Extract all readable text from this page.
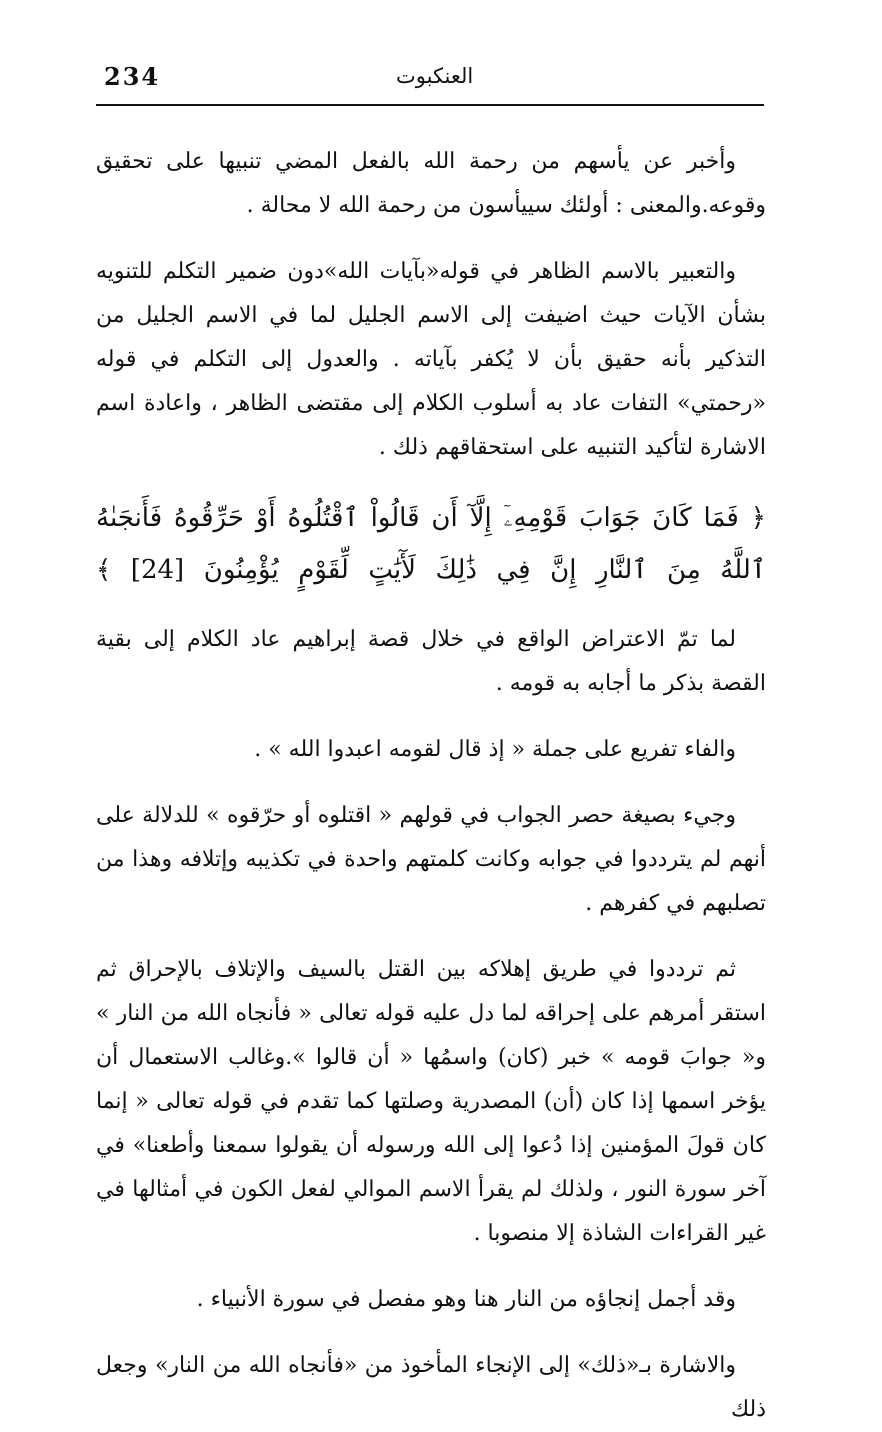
234	العنكبوت

وأخبر عن يأسهم من رحمة الله بالفعل المضي تنبيها على تحقيق وقوعه.والمعنى : أولئك سييأسون من رحمة الله لا محالة .

والتعبير بالاسم الظاهر في قوله«بآيات الله»دون ضمير التكلم للتنويه بشأن الآيات حيث اضيفت إلى الاسم الجليل لما في الاسم الجليل من التذكير بأنه حقيق بأن لا يُكفر بآياته . والعدول إلى التكلم في قوله «رحمتي» التفات عاد به أسلوب الكلام إلى مقتضى الظاهر ، واعادة اسم الاشارة لتأكيد التنبيه على استحقاقهم ذلك .

﴿ فَمَا كَانَ جَوَابَ قَوْمِهِۦٓ إِلَّآ أَن قَالُواْ ٱقْتُلُوهُ أَوْ حَرِّقُوهُ فَأَنجَىٰهُ ٱللَّهُ مِنَ ٱلنَّارِ إِنَّ فِي ذَٰلِكَ لَأٓيَٰتٍ لِّقَوْمٍ يُؤْمِنُونَ [24] ﴾

لما تمّ الاعتراض الواقع في خلال قصة إبراهيم عاد الكلام إلى بقية القصة بذكر ما أجابه به قومه .

والفاء تفريع على جملة « إذ قال لقومه اعبدوا الله » .

وجيء بصيغة حصر الجواب في قولهم « اقتلوه أو حرّقوه » للدلالة على أنهم لم يترددوا في جوابه وكانت كلمتهم واحدة في تكذيبه وإتلافه وهذا من تصلبهم في كفرهم .

ثم ترددوا في طريق إهلاكه بين القتل بالسيف والإتلاف بالإحراق ثم استقر أمرهم على إحراقه لما دل عليه قوله تعالى « فأنجاه الله من النار » و« جوابَ قومه » خبر (كان) واسمُها « أن قالوا ».وغالب الاستعمال أن يؤخر اسمها إذا كان (أن) المصدرية وصلتها كما تقدم في قوله تعالى « إنما كان قولَ المؤمنين إذا دُعوا إلى الله ورسوله أن يقولوا سمعنا وأطعنا» في آخر سورة النور ، ولذلك لم يقرأ الاسم الموالي لفعل الكون في أمثالها في غير القراءات الشاذة إلا منصوبا .

وقد أجمل إنجاؤه من النار هنا وهو مفصل في سورة الأنبياء .

والاشارة بـ«ذلك» إلى الإنجاء المأخوذ من «فأنجاه الله من النار» وجعل ذلك
